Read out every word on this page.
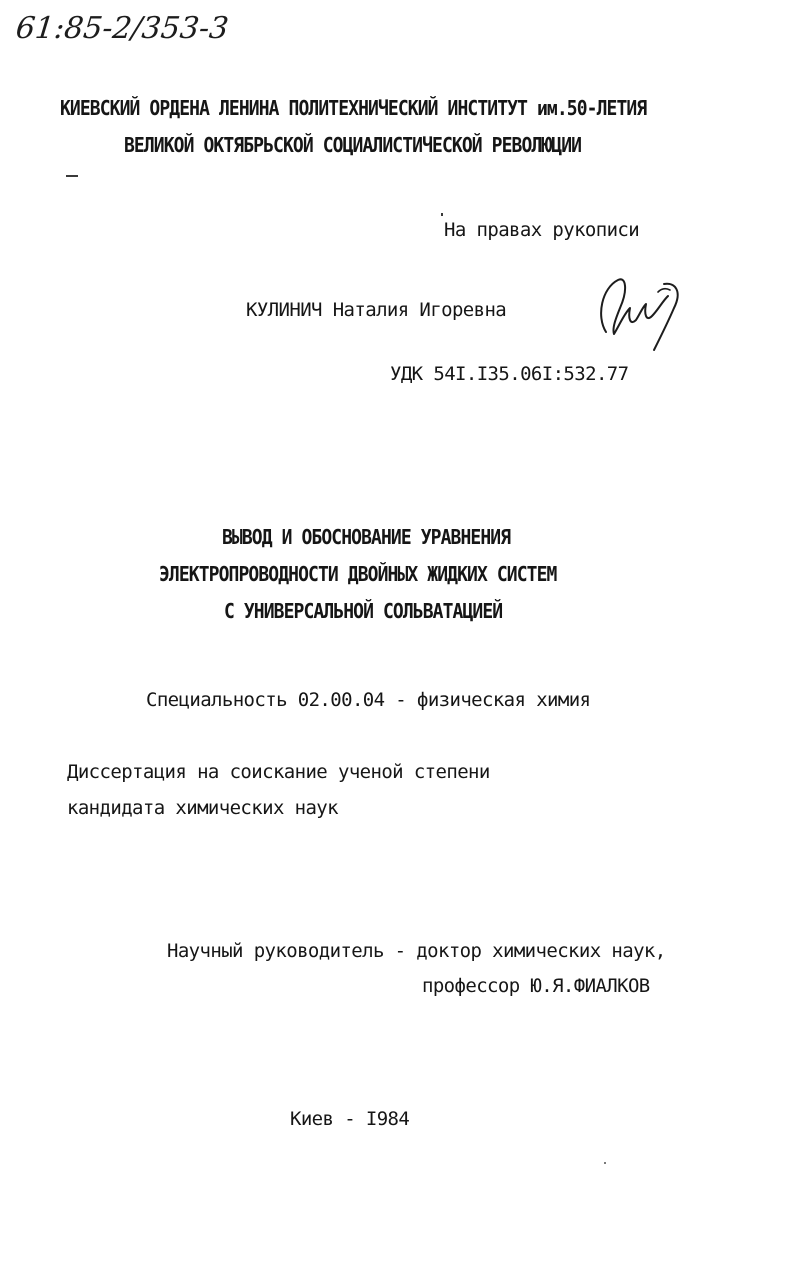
61:85-2/353-3
КИЕВСКИЙ ОРДЕНА ЛЕНИНА ПОЛИТЕХНИЧЕСКИЙ ИНСТИТУТ им.50-ЛЕТИЯ
ВЕЛИКОЙ ОКТЯБРЬСКОЙ СОЦИАЛИСТИЧЕСКОЙ РЕВОЛЮЦИИ
На правах рукописи
КУЛИНИЧ Наталия Игоревна
УДК 54I.I35.06I:532.77
ВЫВОД И ОБОСНОВАНИЕ УРАВНЕНИЯ
ЭЛЕКТРОПРОВОДНОСТИ ДВОЙНЫХ ЖИДКИХ СИСТЕМ
С УНИВЕРСАЛЬНОЙ СОЛЬВАТАЦИЕЙ
Специальность 02.00.04 - физическая химия
Диссертация на соискание ученой степени
кандидата химических наук
Научный руководитель - доктор химических наук,
профессор Ю.Я.ФИАЛКОВ
Киев - I984
